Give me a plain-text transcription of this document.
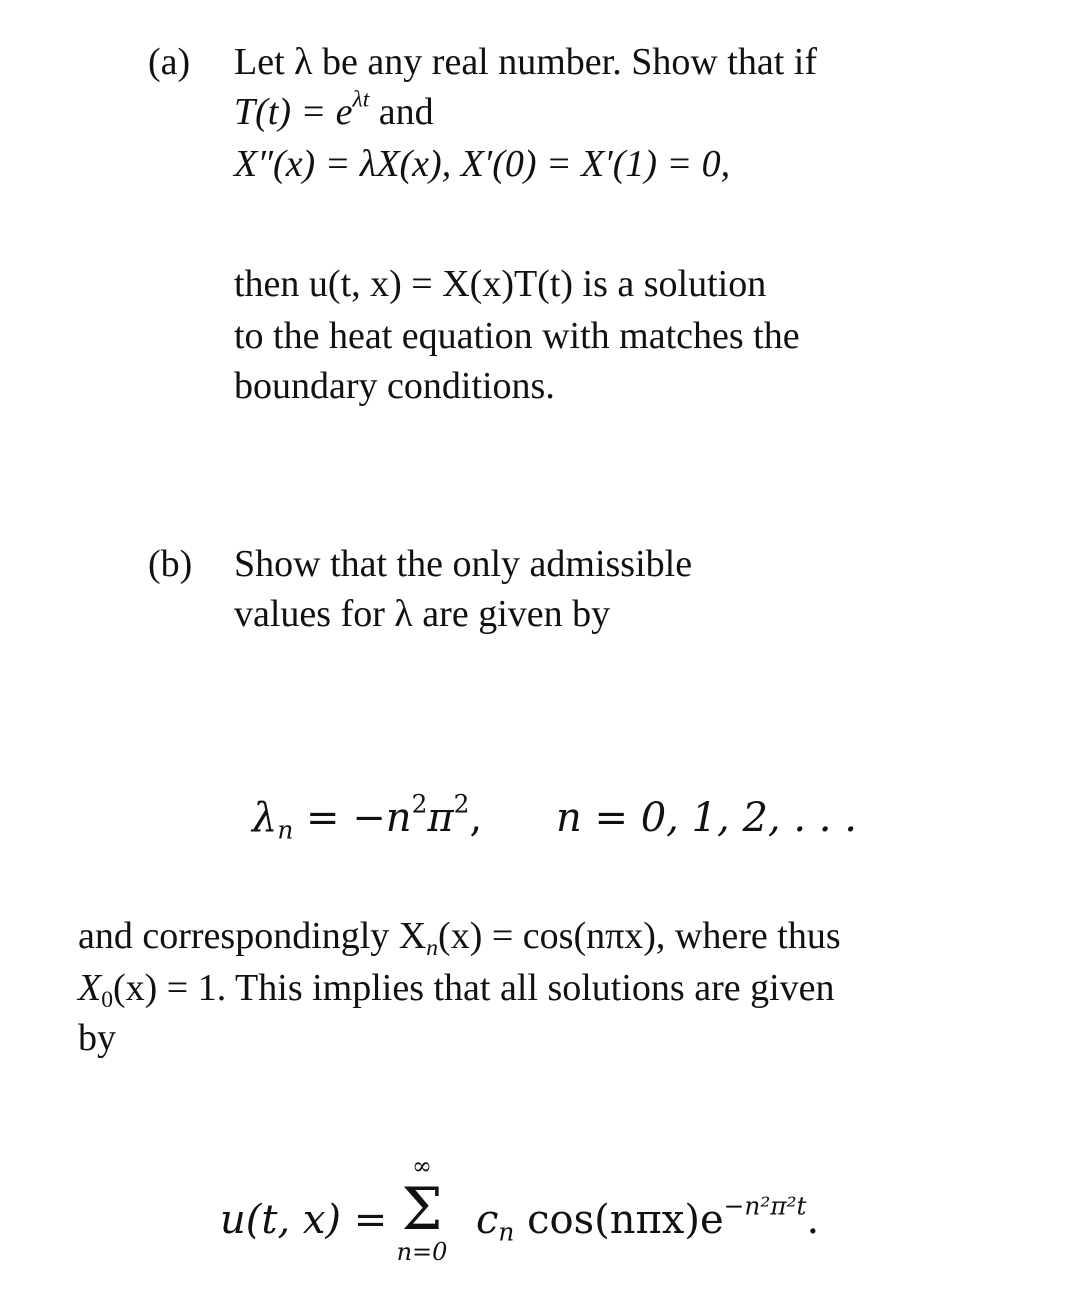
(a) Let λ be any real number. Show that if
$T(t) = e^{\lambda t}$ and
X″(x) = λX(x), X′(0) = X′(1) = 0,
then u(t, x) = X(x)T(t) is a solution
to the heat equation with matches the
boundary conditions.
(b) Show that the only admissible
values for λ are given by
$\lambda_n = -n^2\pi^2$, n = 0, 1, 2, . . .
and correspondingly $X_n(x) = \cos(n\pi x)$, where thus
$X_0(x) = 1$. This implies that all solutions are given
by
u(t, x) =
∞
Σ
n=0
$c_n$ $\cos(n\pi x)e^{-n^2\pi^2t}$.
